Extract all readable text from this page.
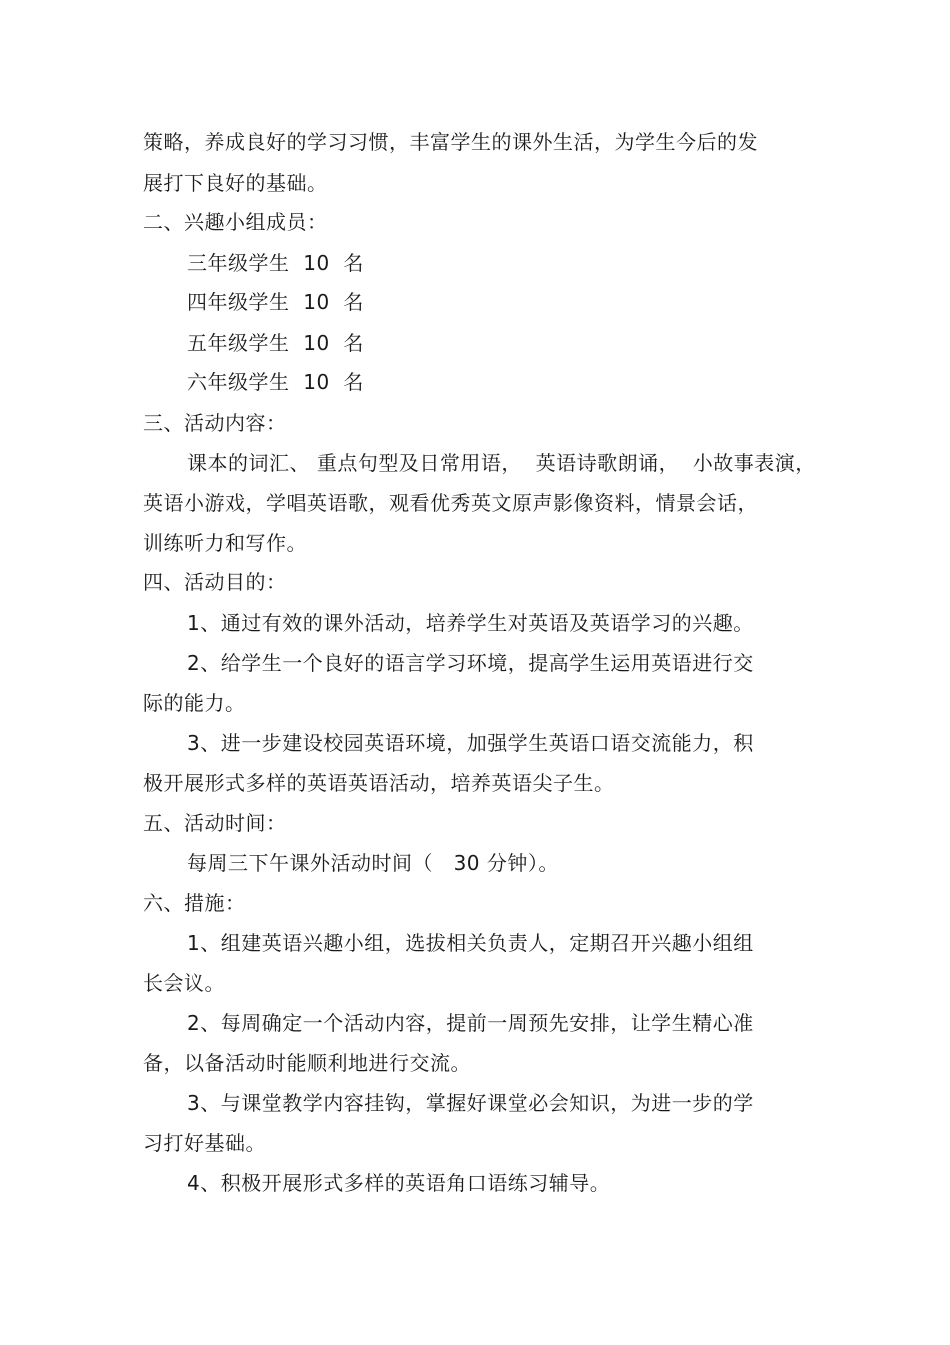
策略，养成良好的学习习惯，丰富学生的课外生活，为学生今后的发
展打下良好的基础。
二、兴趣小组成员：
三年级学生  10  名
四年级学生  10  名
五年级学生  10  名
六年级学生  10  名
三、活动内容：
课本的词汇、 重点句型及日常用语，  英语诗歌朗诵，  小故事表演，
英语小游戏，学唱英语歌，观看优秀英文原声影像资料，情景会话，
训练听力和写作。
四、活动目的：
1、通过有效的课外活动，培养学生对英语及英语学习的兴趣。
2、给学生一个良好的语言学习环境，提高学生运用英语进行交
际的能力。
3、进一步建设校园英语环境，加强学生英语口语交流能力，积
极开展形式多样的英语英语活动，培养英语尖子生。
五、活动时间：
每周三下午课外活动时间（   30 分钟）。
六、措施：
1、组建英语兴趣小组，选拔相关负责人，定期召开兴趣小组组
长会议。
2、每周确定一个活动内容，提前一周预先安排，让学生精心准
备，以备活动时能顺利地进行交流。
3、与课堂教学内容挂钩，掌握好课堂必会知识，为进一步的学
习打好基础。
4、积极开展形式多样的英语角口语练习辅导。
